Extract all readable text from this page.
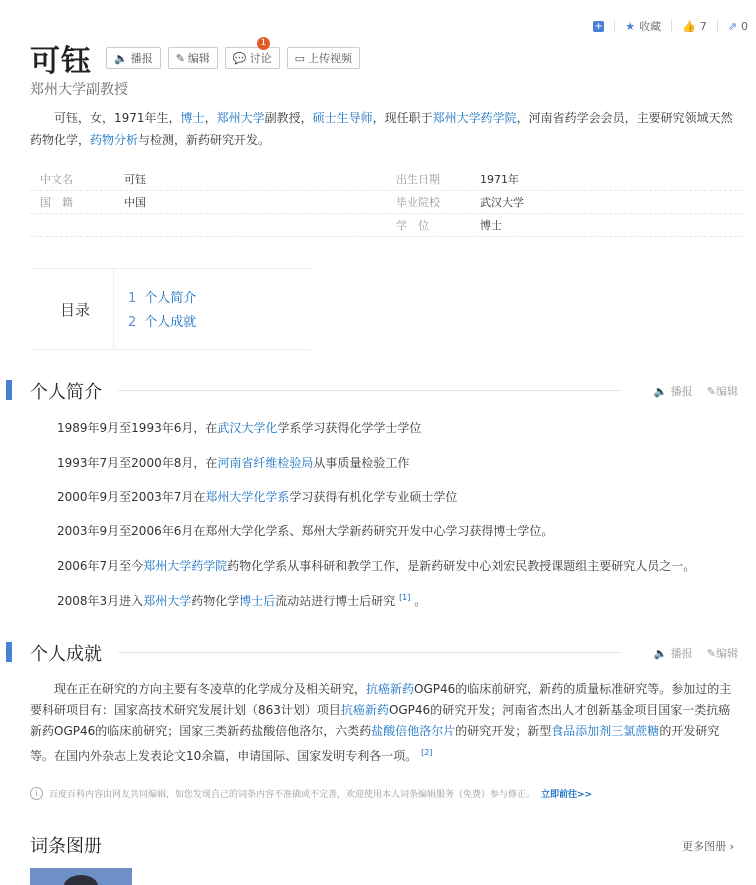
+ ★ 收藏 👍 7 ⇗ 0
可钰 🔈 播报 ✎ 编辑
1
💬 讨论 ▭ 上传视频
郑州大学副教授
可钰，女，1971年生，博士，郑州大学副教授，硕士生导师，现任职于郑州大学药学院，河南省药学会会员，主要研究领域天然药物化学，药物分析与检测，新药研究开发。
中文名	可钰	出生日期	1971年
国　籍	中国	毕业院校	武汉大学
学　位	博士
目录
1 个人简介
2 个人成就
个人简介	🔈 播报 ✎编辑
1989年9月至1993年6月，在武汉大学化学系学习获得化学学士学位
1993年7月至2000年8月，在河南省纤维检验局从事质量检验工作
2000年9月至2003年7月在郑州大学化学系学习获得有机化学专业硕士学位
2003年9月至2006年6月在郑州大学化学系、郑州大学新药研究开发中心学习获得博士学位。
2006年7月至今郑州大学药学院药物化学系从事科研和教学工作，是新药研发中心刘宏民教授课题组主要研究人员之一。
2008年3月进入郑州大学药物化学博士后流动站进行博士后研究 [1] 。
个人成就	🔈 播报 ✎编辑
现在正在研究的方向主要有冬凌草的化学成分及相关研究，抗癌新药OGP46的临床前研究，新药的质量标准研究等。参加过的主要科研项目有：国家高技术研究发展计划（863计划）项目抗癌新药OGP46的研究开发；河南省杰出人才创新基金项目国家一类抗癌新药OGP46的临床前研究；国家三类新药盐酸倍他洛尔，六类药盐酸倍他洛尔片的研究开发；新型食品添加剂三氯蔗糖的开发研究等。在国内外杂志上发表论文10余篇，申请国际、国家发明专利各一项。 [2]
i	百度百科内容由网友共同编辑，如您发现自己的词条内容不准确或不完善，欢迎使用本人词条编辑服务（免费）参与修正。 立即前往>>
词条图册	更多图册 ›
